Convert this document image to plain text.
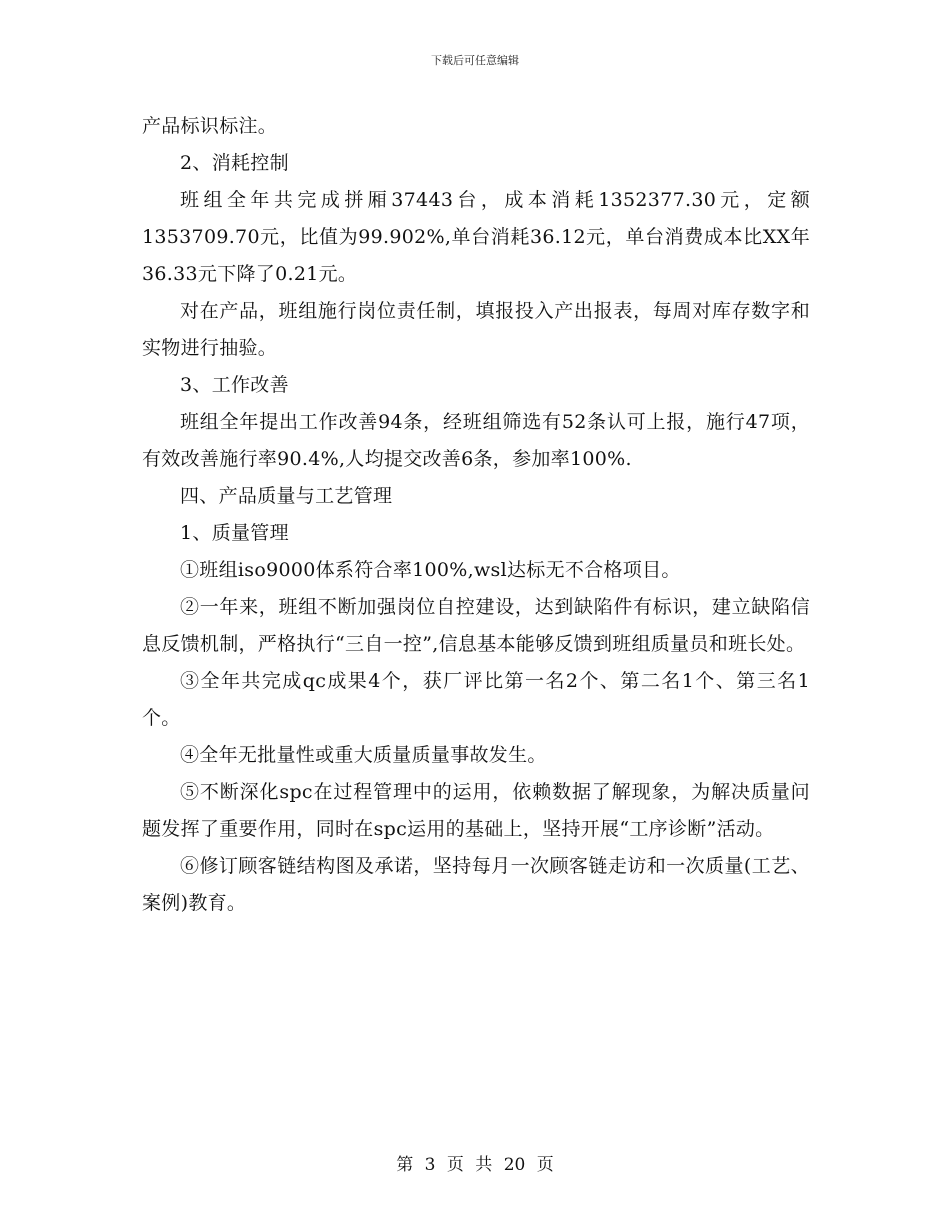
下载后可任意编辑

产品标识标注。

2、消耗控制

班组全年共完成拼厢37443台，成本消耗1352377.30元，定额1353709.70元，比值为99.902%,单台消耗36.12元，单台消费成本比XX年36.33元下降了0.21元。

对在产品，班组施行岗位责任制，填报投入产出报表，每周对库存数字和实物进行抽验。

3、工作改善

班组全年提出工作改善94条，经班组筛选有52条认可上报，施行47项，有效改善施行率90.4%,人均提交改善6条，参加率100%.

四、产品质量与工艺管理

1、质量管理

①班组iso9000体系符合率100%,wsl达标无不合格项目。

②一年来，班组不断加强岗位自控建设，达到缺陷件有标识，建立缺陷信息反馈机制，严格执行“三自一控”,信息基本能够反馈到班组质量员和班长处。

③全年共完成qc成果4个，获厂评比第一名2个、第二名1个、第三名1个。

④全年无批量性或重大质量质量事故发生。

⑤不断深化spc在过程管理中的运用，依赖数据了解现象，为解决质量问题发挥了重要作用，同时在spc运用的基础上，坚持开展“工序诊断”活动。

⑥修订顾客链结构图及承诺，坚持每月一次顾客链走访和一次质量(工艺、案例)教育。

第 3 页 共 20 页
